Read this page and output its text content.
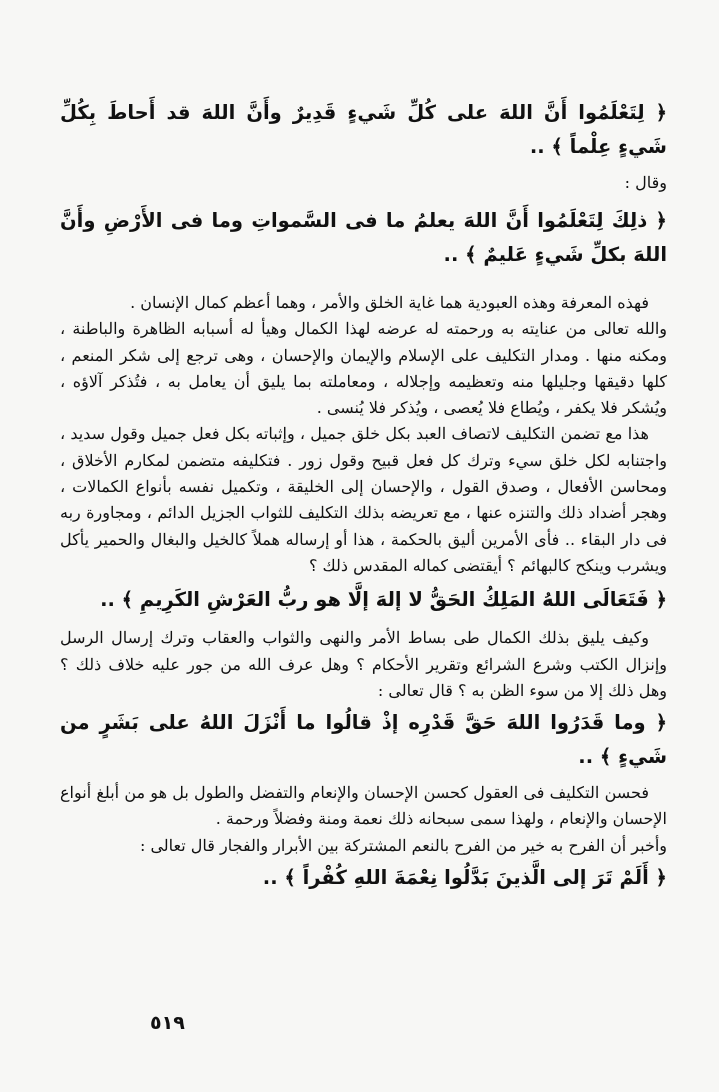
﴿ لِتَعْلَمُوا أَنَّ اللهَ على كُلِّ شَيءٍ قَدِيرٌ وأَنَّ اللهَ قد أَحاطَ بِكُلِّ شَيءٍ عِلْماً ﴾ ..
وقال :
﴿ ذلِكَ لِتَعْلَمُوا أَنَّ اللهَ يعلمُ ما فى السَّمواتِ وما فى الأَرْضِ وأَنَّ اللهَ بكلِّ شَيءٍ عَليمٌ ﴾ ..
فهذه المعرفة وهذه العبودية هما غاية الخلق والأمر ، وهما أعظم كمال الإنسان .
والله تعالى من عنايته به ورحمته له عرضه لهذا الكمال وهيأ له أسبابه الظاهرة والباطنة ، ومكنه منها . ومدار التكليف على الإسلام والإيمان والإحسان ، وهى ترجع إلى شكر المنعم ، كلها دقيقها وجليلها منه وتعظيمه وإجلاله ، ومعاملته بما يليق أن يعامل به ، فتُذكر آلاؤه ، ويُشكر فلا يكفر ، ويُطاع فلا يُعصى ، ويُذكر فلا يُنسى .
هذا مع تضمن التكليف لاتصاف العبد بكل خلق جميل ، وإثباته بكل فعل جميل وقول سديد ، واجتنابه لكل خلق سيء وترك كل فعل قبيح وقول زور . فتكليفه متضمن لمكارم الأخلاق ، ومحاسن الأفعال ، وصدق القول ، والإحسان إلى الخليقة ، وتكميل نفسه بأنواع الكمالات ، وهجر أضداد ذلك والتنزه عنها ، مع تعريضه بذلك التكليف للثواب الجزيل الدائم ، ومجاورة ربه فى دار البقاء .. فأى الأمرين أليق بالحكمة ، هذا أو إرساله هملاً كالخيل والبغال والحمير يأكل ويشرب وينكح كالبهائم ؟ أيقتضى كماله المقدس ذلك ؟
﴿ فَتَعَالَى اللهُ المَلِكُ الحَقُّ لا إلهَ إلَّا هو ربُّ العَرْشِ الكَرِيمِ ﴾ ..
وكيف يليق بذلك الكمال طى بساط الأمر والنهى والثواب والعقاب وترك إرسال الرسل وإنزال الكتب وشرع الشرائع وتقرير الأحكام ؟ وهل عرف الله من جور عليه خلاف ذلك ؟ وهل ذلك إلا من سوء الظن به ؟ قال تعالى :
﴿ وما قَدَرُوا اللهَ حَقَّ قَدْرِه إذْ قالُوا ما أَنْزَلَ اللهُ على بَشَرٍ من شَيءٍ ﴾ ..
فحسن التكليف فى العقول كحسن الإحسان والإنعام والتفضل والطول بل هو من أبلغ أنواع الإحسان والإنعام ، ولهذا سمى سبحانه ذلك نعمة ومنة وفضلاً ورحمة .
وأخبر أن الفرح به خير من الفرح بالنعم المشتركة بين الأبرار والفجار قال تعالى :
﴿ أَلَمْ تَرَ إلى الَّذينَ بَدَّلُوا نِعْمَةَ اللهِ كُفْراً ﴾ ..
٥١٩
